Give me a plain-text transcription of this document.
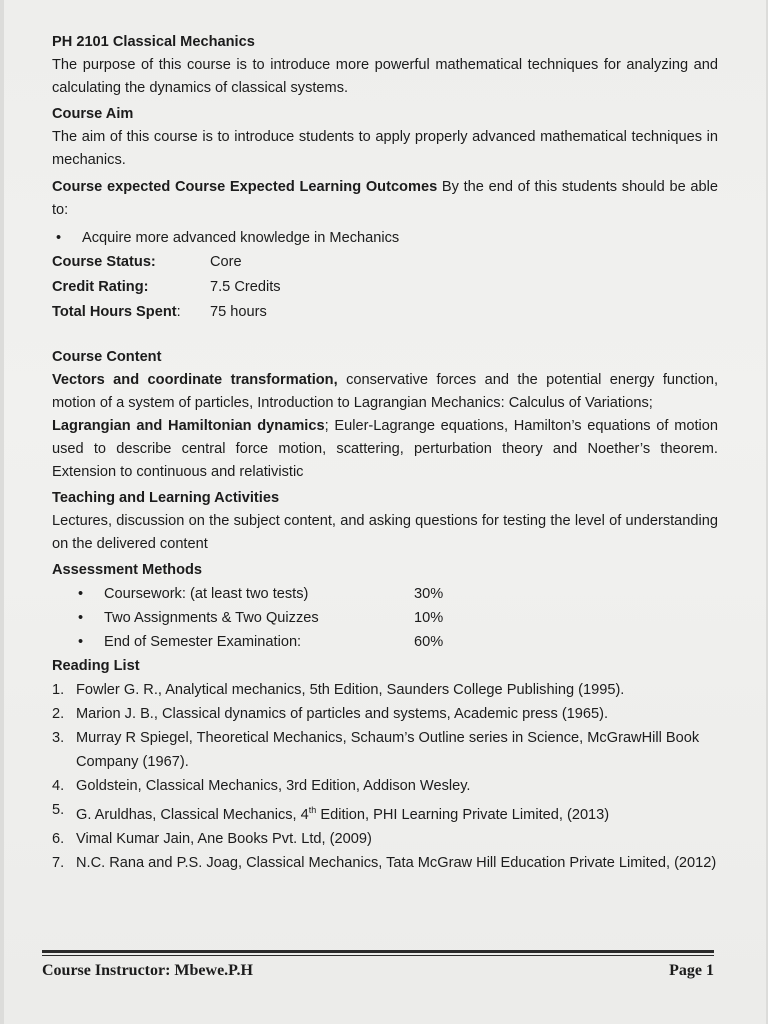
PH 2101 Classical Mechanics

The purpose of this course is to introduce more powerful mathematical techniques for analyzing and calculating the dynamics of classical systems.

Course Aim

The aim of this course is to introduce students to apply properly advanced mathematical techniques in mechanics.

Course expected Course Expected Learning Outcomes By the end of this students should be able to:

•	Acquire more advanced knowledge in Mechanics
Course Status:	Core
Credit Rating:	7.5 Credits
Total Hours Spent:	75 hours

Course Content

Vectors and coordinate transformation, conservative forces and the potential energy function, motion of a system of particles, Introduction to Lagrangian Mechanics: Calculus of Variations;

Lagrangian and Hamiltonian dynamics; Euler-Lagrange equations, Hamilton’s equations of motion used to describe central force motion, scattering, perturbation theory and Noether’s theorem. Extension to continuous and relativistic

Teaching and Learning Activities

Lectures, discussion on the subject content, and asking questions for testing the level of understanding on the delivered content

Assessment Methods

•	Coursework: (at least two tests)	30%
•	Two Assignments & Two Quizzes	10%
•	End of Semester Examination:	60%

Reading List

1. Fowler G. R., Analytical mechanics, 5th Edition, Saunders College Publishing (1995).
2. Marion J. B., Classical dynamics of particles and systems, Academic press (1965).
3. Murray R Spiegel, Theoretical Mechanics, Schaum’s Outline series in Science, McGrawHill Book Company (1967).
4. Goldstein, Classical Mechanics, 3rd Edition, Addison Wesley.
5. G. Aruldhas, Classical Mechanics, 4th Edition, PHI Learning Private Limited, (2013)
6. Vimal Kumar Jain, Ane Books Pvt. Ltd, (2009)
7. N.C. Rana and P.S. Joag, Classical Mechanics, Tata McGraw Hill Education Private Limited, (2012)
Course Instructor: Mbewe.P.H	Page 1
